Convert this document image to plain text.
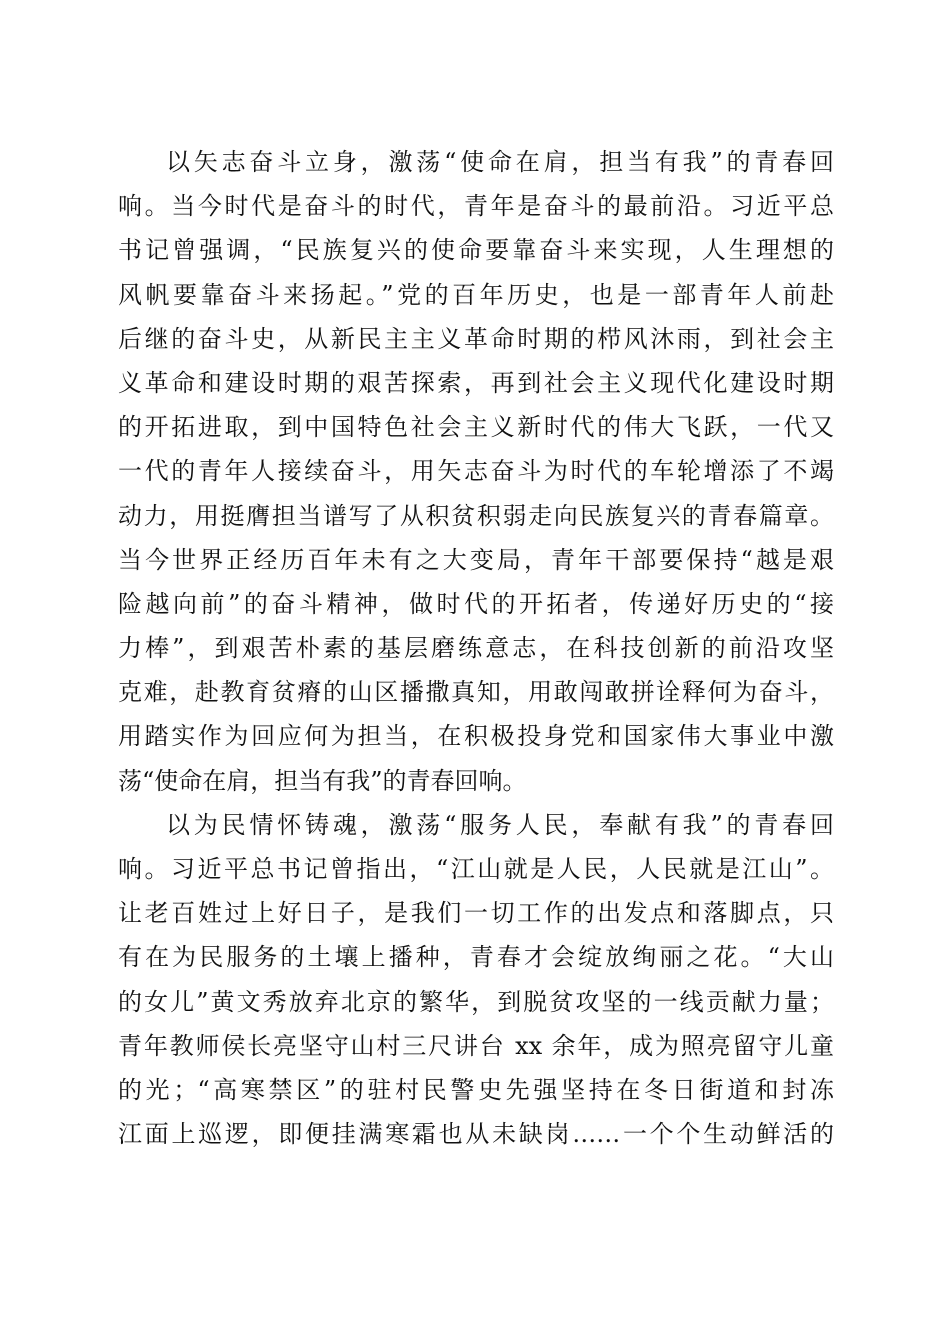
以矢志奋斗立身，激荡“使命在肩，担当有我”的青春回
响。当今时代是奋斗的时代，青年是奋斗的最前沿。习近平总
书记曾强调，“民族复兴的使命要靠奋斗来实现，人生理想的
风帆要靠奋斗来扬起。”党的百年历史，也是一部青年人前赴
后继的奋斗史，从新民主主义革命时期的栉风沐雨，到社会主
义革命和建设时期的艰苦探索，再到社会主义现代化建设时期
的开拓进取，到中国特色社会主义新时代的伟大飞跃，一代又
一代的青年人接续奋斗，用矢志奋斗为时代的车轮增添了不竭
动力，用挺膺担当谱写了从积贫积弱走向民族复兴的青春篇章。
当今世界正经历百年未有之大变局，青年干部要保持“越是艰
险越向前”的奋斗精神，做时代的开拓者，传递好历史的“接
力棒”，到艰苦朴素的基层磨练意志，在科技创新的前沿攻坚
克难，赴教育贫瘠的山区播撒真知，用敢闯敢拼诠释何为奋斗，
用踏实作为回应何为担当，在积极投身党和国家伟大事业中激
荡“使命在肩，担当有我”的青春回响。
以为民情怀铸魂，激荡“服务人民，奉献有我”的青春回
响。习近平总书记曾指出，“江山就是人民，人民就是江山”。
让老百姓过上好日子，是我们一切工作的出发点和落脚点，只
有在为民服务的土壤上播种，青春才会绽放绚丽之花。“大山
的女儿”黄文秀放弃北京的繁华，到脱贫攻坚的一线贡献力量；
青年教师侯长亮坚守山村三尺讲台 xx 余年，成为照亮留守儿童
的光；“高寒禁区”的驻村民警史先强坚持在冬日街道和封冻
江面上巡逻，即便挂满寒霜也从未缺岗……一个个生动鲜活的
